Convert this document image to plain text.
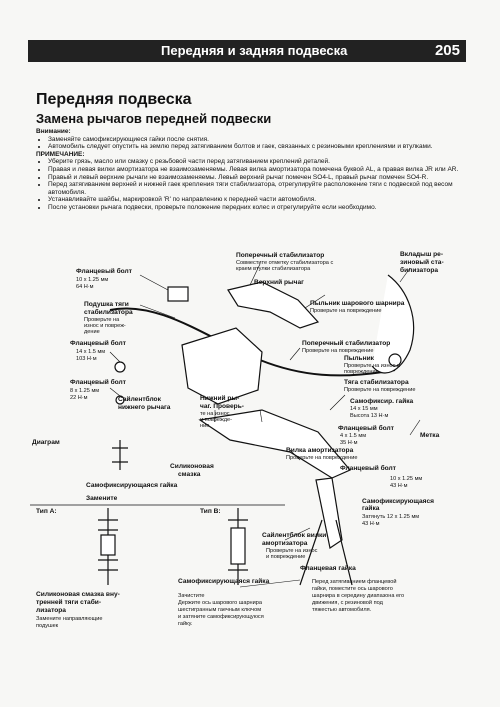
Передняя и задняя подвеска	205
Передняя подвеска
Замена рычагов передней подвески
Внимание:
• Заменяйте самофиксирующиеся гайки после снятия.
• Автомобиль следует опустить на землю перед затягиванием болтов и гаек, связанных с резиновыми креплениями и втулками.
ПРИМЕЧАНИЕ:
• Уберите грязь, масло или смазку с резьбовой части перед затягиванием креплений деталей.
• Правая и левая вилки амортизатора не взаимозаменяемы. Левая вилка амортизатора помечена буквой AL, а правая вилка JR или AR.
• Правый и левый верхние рычаги не взаимозаменяемы. Левый верхний рычаг помечен SO4-L, правый рычаг помечен SO4-R.
• Перед затягиванием верхней и нижней гаек крепления тяги стабилизатора, отрегулируйте расположение тяги с подвеской под весом автомобиля.
• Устанавливайте шайбы, маркировкой 'R' по направлению к передней части автомобиля.
• После установки рычага подвески, проверьте положение передних колес и отрегулируйте если необходимо.
Фланцевый болт
10 x 1.25 мм
64 Н·м
Поперечный стабилизатор
Совместите отметку стабилизатора с
краем втулки стабилизатора
Вкладыш ре-
зиновый ста-
билизатора
Верхний рычаг
Подушка тяги
стабилизатора
Проверьте на
износ и повреж-
дение
Пыльник шарового шарнира
Проверьте на повреждение
Метка
Фланцевый болт
14 x 1.5 мм
103 Н·м
Поперечный стабилизатор
Проверьте на повреждение
Пыльник
Проверьте на износ и
повреждение
Тяга стабилизатора
Проверьте на повреждение
Фланцевый болт
8 x 1.25 мм
22 Н·м	Сайлентблок
нижнего рычага
Нижний ры-
чаг. Проверь-
те на износ
и поврежде-
ние
Самофиксир. гайка
14 x 15 мм
Высота 13 Н·м
Фланцевый болт
4 x 1.5 мм
35 Н·м
Диаграм
Вилка амортизатора
Проверьте на повреждение
Силиконовая
смазка
Фланцевый болт
10 x 1.25 мм
43 Н·м
Самофиксирующаяся гайка
Замените
Тип A:	Тип B:
Самофиксирующаяся
гайка
Затянуть 12 x 1.25 мм
43 Н·м
Сайлентблок вилки
амортизатора
Проверьте на износ
и повреждение
Фланцевая гайка
Силиконовая смазка вну-
тренней тяги стаби-
лизатора
Замените направляющие
подушек
Самофиксирующаяся гайка
Зачистите
Держите ось шарового шарнира
шестигранным гаечным ключом
и затяните самофиксирующуюся
гайку.
Перед затягиванием фланцевой
гайки, поместите ось шарового
шарнира в середину диапазона его
движения, с резиновой под
тяжестью автомобиля.
